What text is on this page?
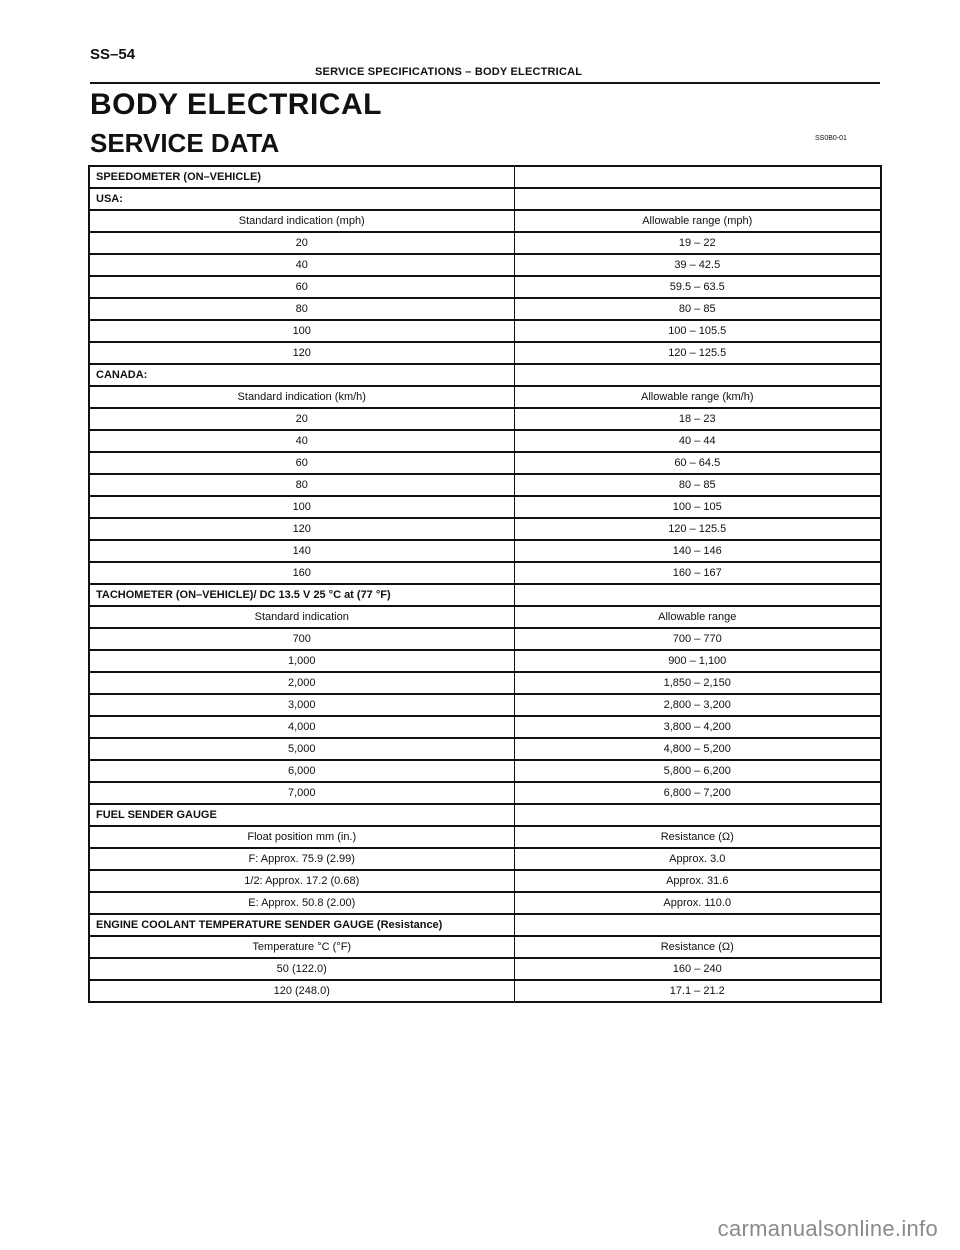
SS–54
SERVICE SPECIFICATIONS – BODY ELECTRICAL
BODY ELECTRICAL
SERVICE DATA	SS0B0-01
SPEEDOMETER (ON–VEHICLE)	
USA:	
Standard indication (mph)	Allowable range (mph)
20	19 – 22
40	39 – 42.5
60	59.5 – 63.5
80	80 – 85
100	100 – 105.5
120	120 – 125.5
CANADA:	
Standard indication (km/h)	Allowable range (km/h)
20	18 – 23
40	40 – 44
60	60 – 64.5
80	80 – 85
100	100 – 105
120	120 – 125.5
140	140 – 146
160	160 – 167
TACHOMETER (ON–VEHICLE)/ DC 13.5 V 25 °C at (77 °F)	
Standard indication	Allowable range
700	700 – 770
1,000	900 – 1,100
2,000	1,850 – 2,150
3,000	2,800 – 3,200
4,000	3,800 – 4,200
5,000	4,800 – 5,200
6,000	5,800 – 6,200
7,000	6,800 – 7,200
FUEL SENDER GAUGE	
Float position mm (in.)	Resistance (Ω)
F: Approx. 75.9 (2.99)	Approx. 3.0
1/2: Approx. 17.2 (0.68)	Approx. 31.6
E: Approx. 50.8 (2.00)	Approx. 110.0
ENGINE COOLANT TEMPERATURE SENDER GAUGE (Resistance)	
Temperature °C (°F)	Resistance (Ω)
50 (122.0)	160 – 240
120 (248.0)	17.1 – 21.2
carmanualsonline.info
